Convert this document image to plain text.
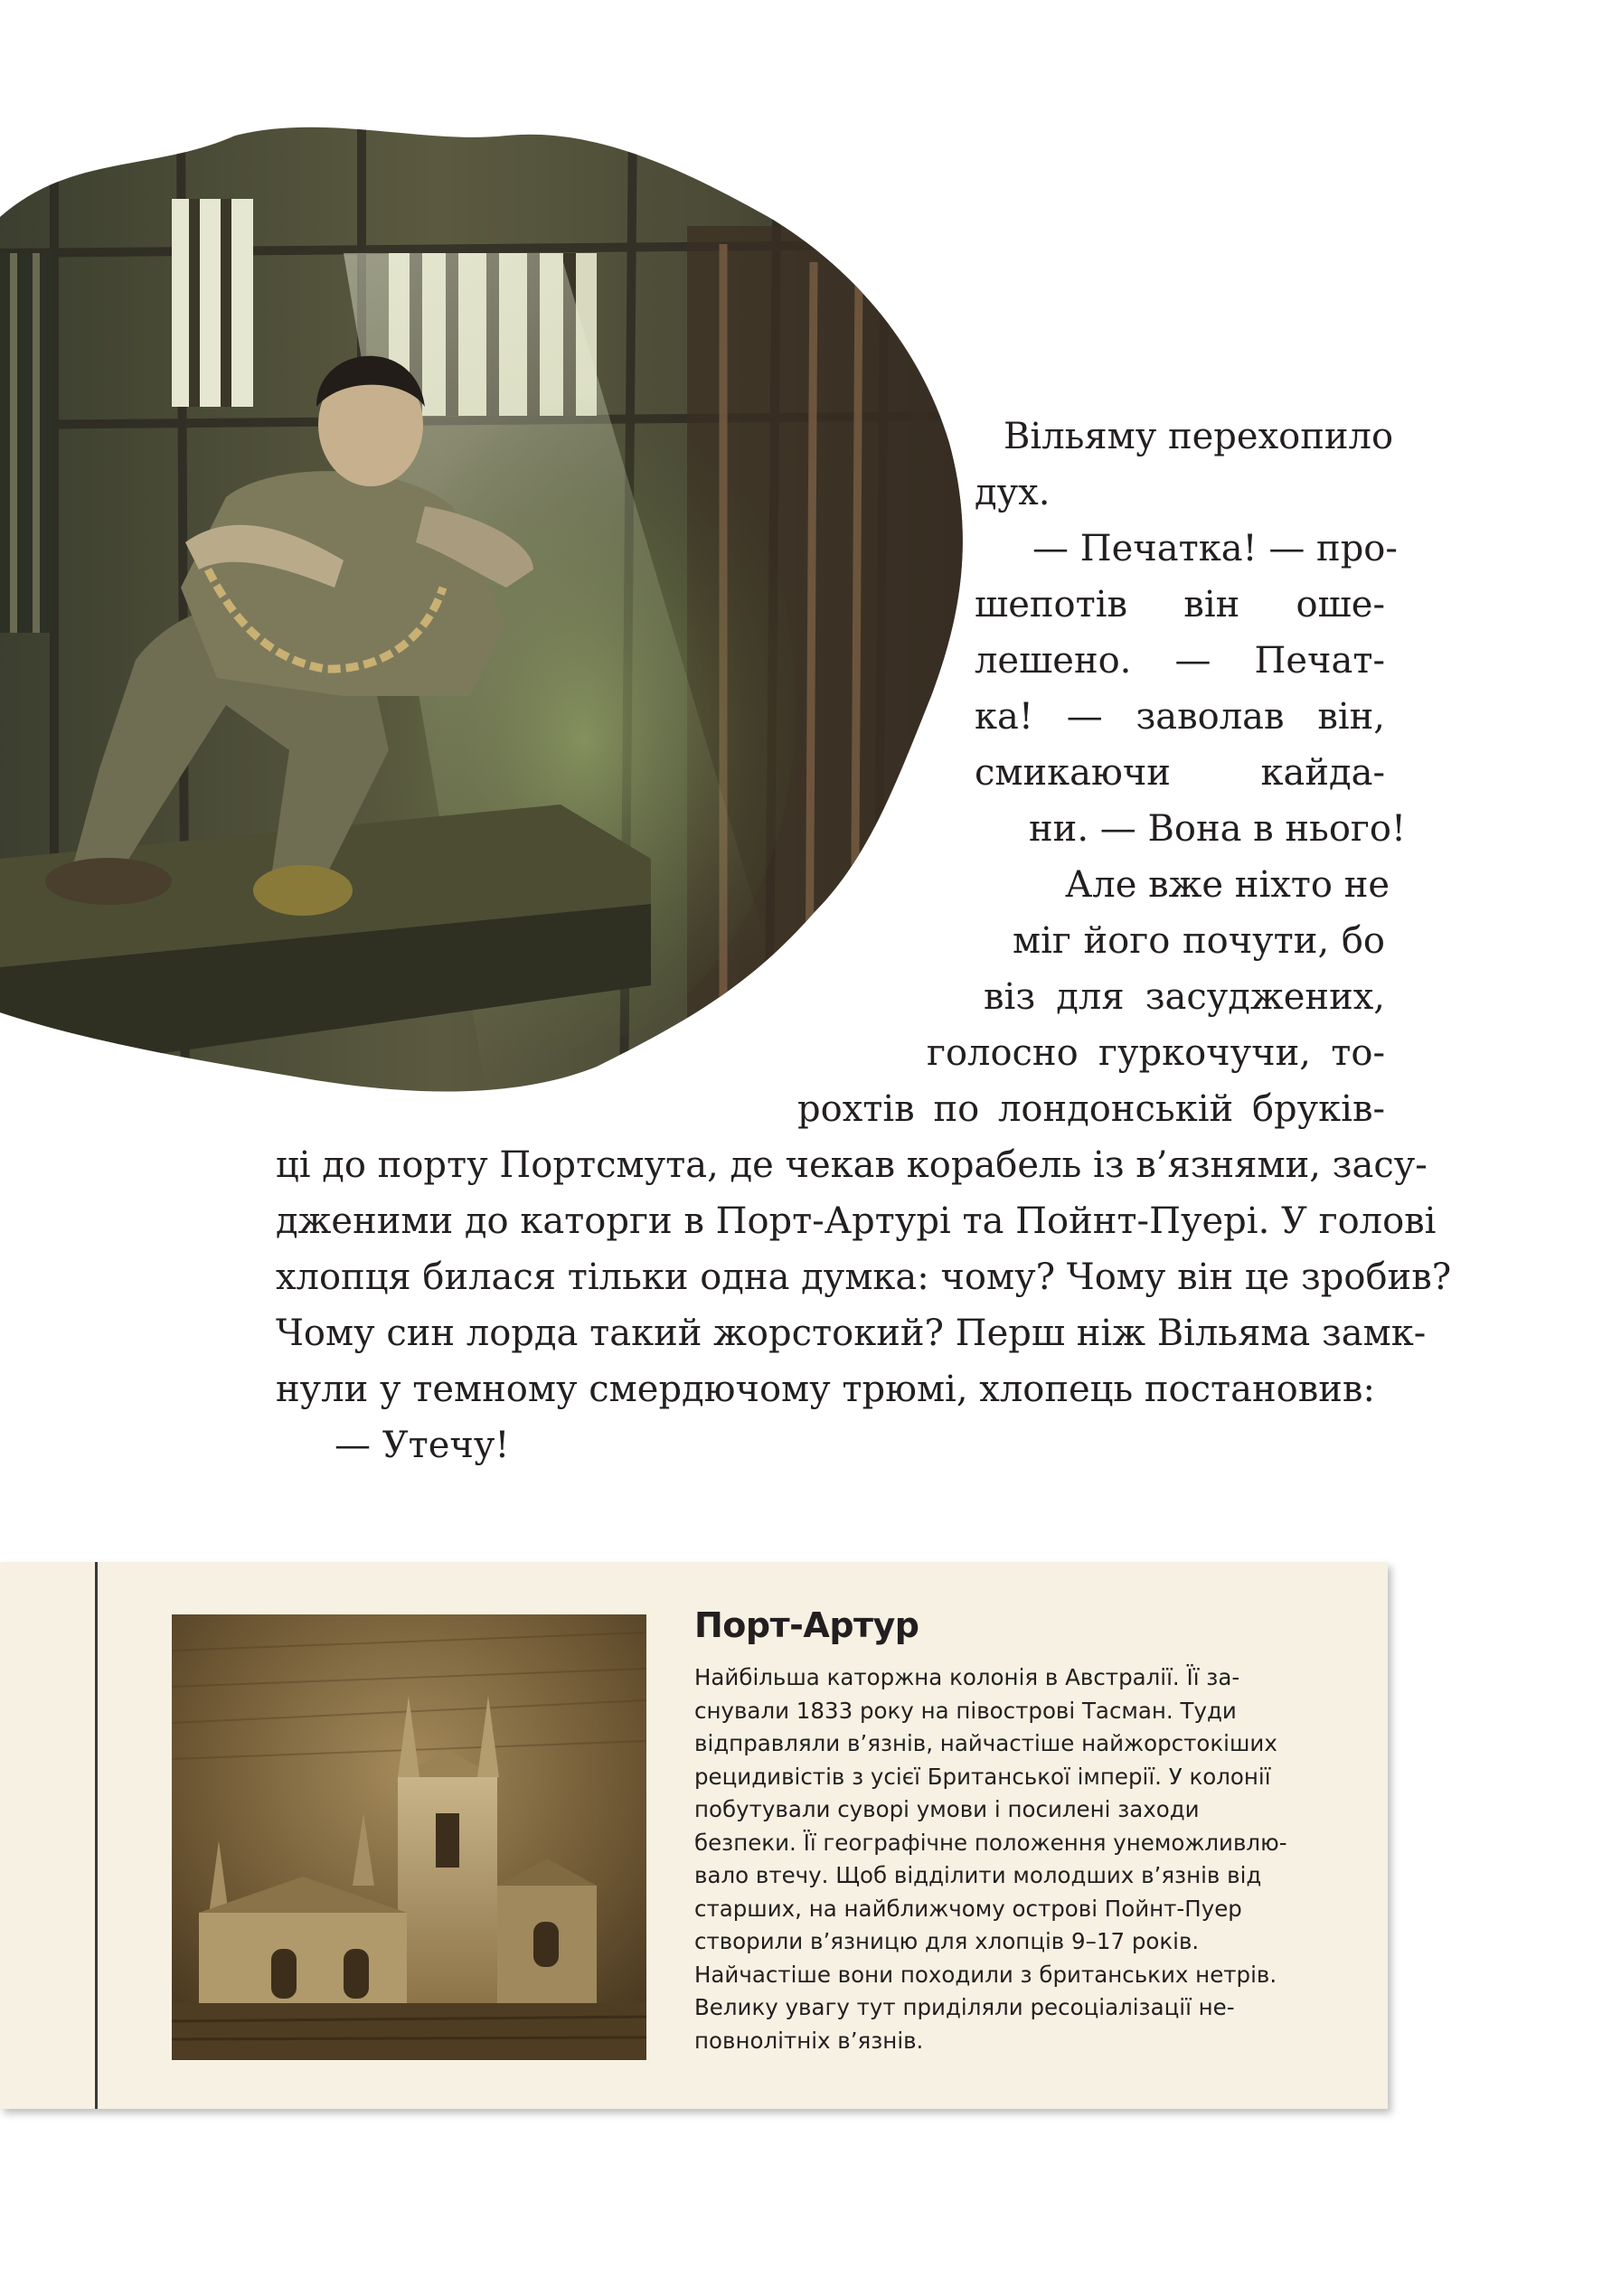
Вільяму перехопило
дух.
— Печатка! — про-
шепотів він оше-
лешено. — Печат-
ка! — заволав він,
смикаючи кайда-
ни. — Вона в нього!
Але вже ніхто не
міг його почути, бо
віз для засуджених,
голосно гуркочучи, то-
рохтів по лондонській бруків-
ці до порту Портсмута, де чекав корабель із в’язнями, засу-
дженими до каторги в Порт-Артурі та Пойнт-Пуері. У голові
хлопця билася тільки одна думка: чому? Чому він це зробив?
Чому син лорда такий жорстокий? Перш ніж Вільяма замк-
нули у темному смердючому трюмі, хлопець постановив:
— Утечу!
Порт-Артур
Найбільша каторжна колонія в Австралії. Її за-
снували 1833 року на півострові Тасман. Туди
відправляли в’язнів, найчастіше найжорстокіших
рецидивістів з усієї Британської імперії. У колонії
побутували суворі умови і посилені заходи
безпеки. Її географічне положення унеможливлю-
вало втечу. Щоб відділити молодших в’язнів від
старших, на найближчому острові Пойнт-Пуер
створили в’язницю для хлопців 9–17 років.
Найчастіше вони походили з британських нетрів.
Велику увагу тут приділяли ресоціалізації не-
повнолітніх в’язнів.
